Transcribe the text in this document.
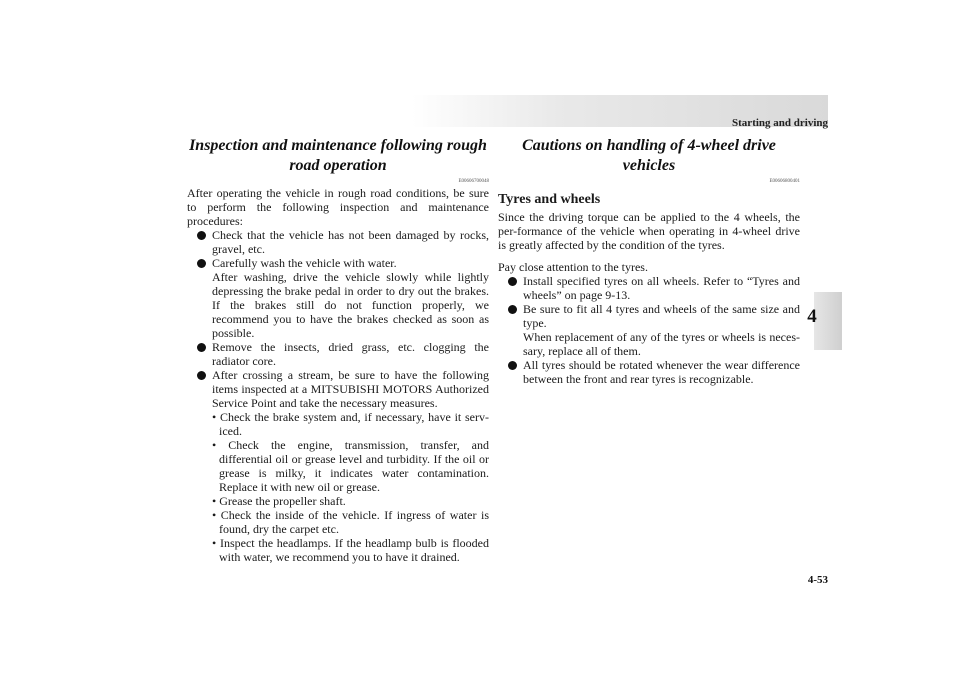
Starting and driving
4
4-53
Inspection and maintenance following rough road operation
E00606700048

After operating the vehicle in rough road conditions, be sure to perform the following inspection and maintenance procedures:

Check that the vehicle has not been damaged by rocks, gravel, etc.
Carefully wash the vehicle with water.
After washing, drive the vehicle slowly while lightly depressing the brake pedal in order to dry out the brakes. If the brakes still do not function properly, we recommend you to have the brakes checked as soon as possible.
Remove the insects, dried grass, etc. clogging the radiator core.
After crossing a stream, be sure to have the following items inspected at a MITSUBISHI MOTORS Authorized Service Point and take the necessary measures.
• Check the brake system and, if necessary, have it serv-iced.
• Check the engine, transmission, transfer, and differential oil or grease level and turbidity. If the oil or grease is milky, it indicates water contamination. Replace it with new oil or grease.
• Grease the propeller shaft.
• Check the inside of the vehicle. If ingress of water is found, dry the carpet etc.
• Inspect the headlamps. If the headlamp bulb is flooded with water, we recommend you to have it drained.
Cautions on handling of 4-wheel drive vehicles
E00606800401
Tyres and wheels

Since the driving torque can be applied to the 4 wheels, the per-formance of the vehicle when operating in 4-wheel drive is greatly affected by the condition of the tyres.

Pay close attention to the tyres.

Install specified tyres on all wheels. Refer to “Tyres and wheels” on page 9-13.
Be sure to fit all 4 tyres and wheels of the same size and type.
When replacement of any of the tyres or wheels is neces-sary, replace all of them.
All tyres should be rotated whenever the wear difference between the front and rear tyres is recognizable.
